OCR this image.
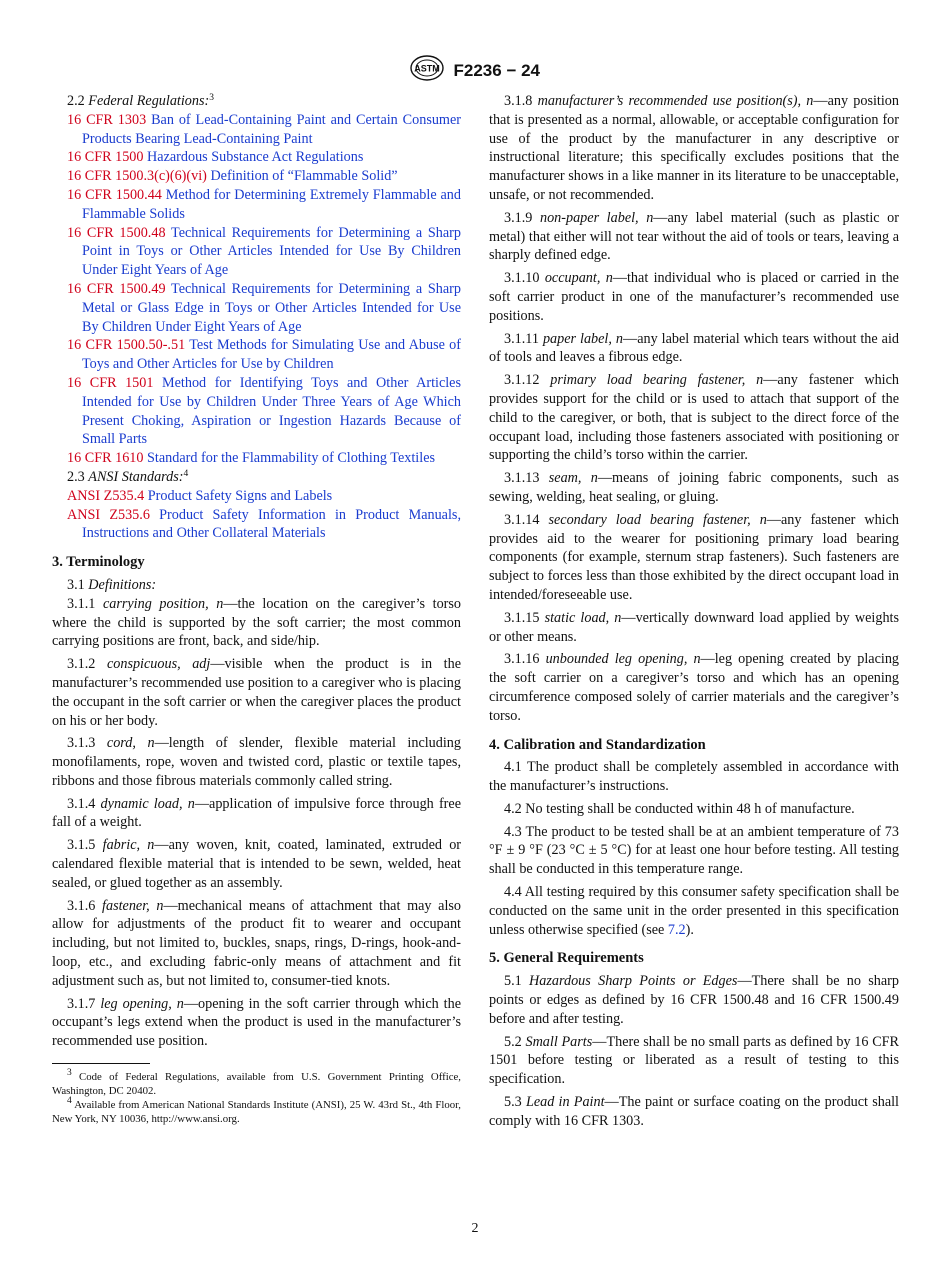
ASTM F2236 − 24

2.2 Federal Regulations:$^3$

16 CFR 1303 Ban of Lead-Containing Paint and Certain Consumer Products Bearing Lead-Containing Paint

16 CFR 1500 Hazardous Substance Act Regulations

16 CFR 1500.3(c)(6)(vi) Definition of “Flammable Solid”

16 CFR 1500.44 Method for Determining Extremely Flammable and Flammable Solids

16 CFR 1500.48 Technical Requirements for Determining a Sharp Point in Toys or Other Articles Intended for Use By Children Under Eight Years of Age

16 CFR 1500.49 Technical Requirements for Determining a Sharp Metal or Glass Edge in Toys or Other Articles Intended for Use By Children Under Eight Years of Age

16 CFR 1500.50-.51 Test Methods for Simulating Use and Abuse of Toys and Other Articles for Use by Children

16 CFR 1501 Method for Identifying Toys and Other Articles Intended for Use by Children Under Three Years of Age Which Present Choking, Aspiration or Ingestion Hazards Because of Small Parts

16 CFR 1610 Standard for the Flammability of Clothing Textiles

2.3 ANSI Standards:$^4$

ANSI Z535.4 Product Safety Signs and Labels

ANSI Z535.6 Product Safety Information in Product Manuals, Instructions and Other Collateral Materials

3. Terminology

3.1 Definitions:

3.1.1 carrying position, n—the location on the caregiver’s torso where the child is supported by the soft carrier; the most common carrying positions are front, back, and side/hip.

3.1.2 conspicuous, adj—visible when the product is in the manufacturer’s recommended use position to a caregiver who is placing the occupant in the soft carrier or when the caregiver places the product on his or her body.

3.1.3 cord, n—length of slender, flexible material including monofilaments, rope, woven and twisted cord, plastic or textile tapes, ribbons and those fibrous materials commonly called string.

3.1.4 dynamic load, n—application of impulsive force through free fall of a weight.

3.1.5 fabric, n—any woven, knit, coated, laminated, extruded or calendared flexible material that is intended to be sewn, welded, heat sealed, or glued together as an assembly.

3.1.6 fastener, n—mechanical means of attachment that may also allow for adjustments of the product fit to wearer and occupant including, but not limited to, buckles, snaps, rings, D-rings, hook-and-loop, etc., and excluding fabric-only means of attachment and fit adjustment such as, but not limited to, consumer-tied knots.

3.1.7 leg opening, n—opening in the soft carrier through which the occupant’s legs extend when the product is used in the manufacturer’s recommended use position.

$^3$ Code of Federal Regulations, available from U.S. Government Printing Office, Washington, DC 20402.

$^4$ Available from American National Standards Institute (ANSI), 25 W. 43rd St., 4th Floor, New York, NY 10036, http://www.ansi.org.

3.1.8 manufacturer’s recommended use position(s), n—any position that is presented as a normal, allowable, or acceptable configuration for use of the product by the manufacturer in any descriptive or instructional literature; this specifically excludes positions that the manufacturer shows in a like manner in its literature to be unacceptable, unsafe, or not recommended.

3.1.9 non-paper label, n—any label material (such as plastic or metal) that either will not tear without the aid of tools or tears, leaving a sharply defined edge.

3.1.10 occupant, n—that individual who is placed or carried in the soft carrier product in one of the manufacturer’s recommended use positions.

3.1.11 paper label, n—any label material which tears without the aid of tools and leaves a fibrous edge.

3.1.12 primary load bearing fastener, n—any fastener which provides support for the child or is used to attach that support of the child to the caregiver, or both, that is subject to the direct force of the occupant load, including those fasteners associated with positioning or supporting the child’s torso within the carrier.

3.1.13 seam, n—means of joining fabric components, such as sewing, welding, heat sealing, or gluing.

3.1.14 secondary load bearing fastener, n—any fastener which provides aid to the wearer for positioning primary load bearing components (for example, sternum strap fasteners). Such fasteners are subject to forces less than those exhibited by the direct occupant load in intended/foreseeable use.

3.1.15 static load, n—vertically downward load applied by weights or other means.

3.1.16 unbounded leg opening, n—leg opening created by placing the soft carrier on a caregiver’s torso and which has an opening circumference composed solely of carrier materials and the caregiver’s torso.

4. Calibration and Standardization

4.1 The product shall be completely assembled in accordance with the manufacturer’s instructions.

4.2 No testing shall be conducted within 48 h of manufacture.

4.3 The product to be tested shall be at an ambient temperature of 73 °F ± 9 °F (23 °C ± 5 °C) for at least one hour before testing. All testing shall be conducted in this temperature range.

4.4 All testing required by this consumer safety specification shall be conducted on the same unit in the order presented in this specification unless otherwise specified (see 7.2).

5. General Requirements

5.1 Hazardous Sharp Points or Edges—There shall be no sharp points or edges as defined by 16 CFR 1500.48 and 16 CFR 1500.49 before and after testing.

5.2 Small Parts—There shall be no small parts as defined by 16 CFR 1501 before testing or liberated as a result of testing to this specification.

5.3 Lead in Paint—The paint or surface coating on the product shall comply with 16 CFR 1303.

2
